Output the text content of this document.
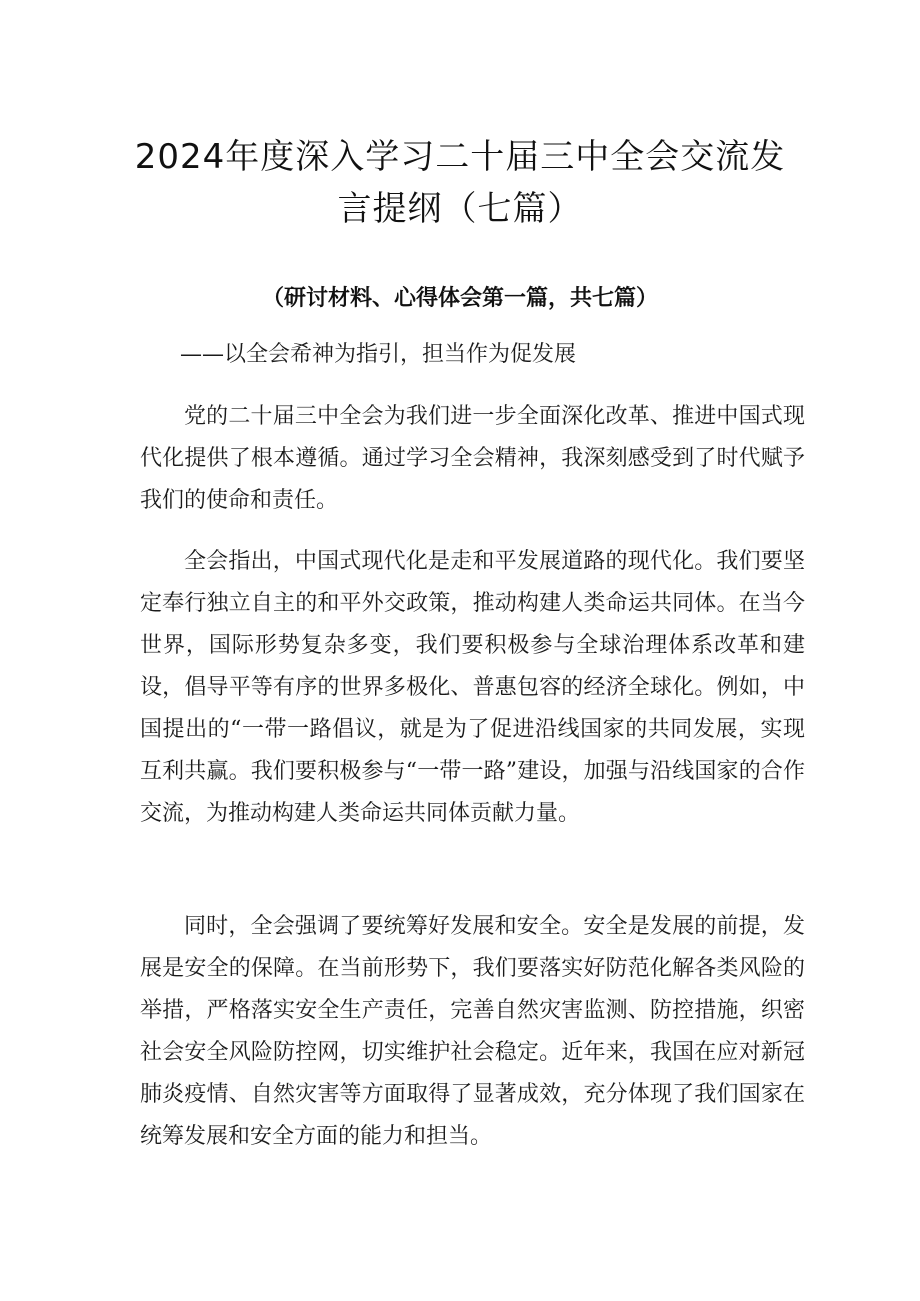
2024年度深入学习二十届三中全会交流发
言提纲（七篇）
（研讨材料、心得体会第一篇，共七篇）
——以全会希神为指引，担当作为促发展

党的二十届三中全会为我们进一步全面深化改革、推进中国式现代化提供了根本遵循。通过学习全会精神，我深刻感受到了时代赋予我们的使命和责任。

全会指出，中国式现代化是走和平发展道路的现代化。我们要坚定奉行独立自主的和平外交政策，推动构建人类命运共同体。在当今世界，国际形势复杂多变，我们要积极参与全球治理体系改革和建设，倡导平等有序的世界多极化、普惠包容的经济全球化。例如，中国提出的“一带一路倡议，就是为了促进沿线国家的共同发展，实现互利共赢。我们要积极参与“一带一路”建设，加强与沿线国家的合作交流，为推动构建人类命运共同体贡献力量。

同时，全会强调了要统筹好发展和安全。安全是发展的前提，发展是安全的保障。在当前形势下，我们要落实好防范化解各类风险的举措，严格落实安全生产责任，完善自然灾害监测、防控措施，织密社会安全风险防控网，切实维护社会稳定。近年来，我国在应对新冠肺炎疫情、自然灾害等方面取得了显著成效，充分体现了我们国家在统筹发展和安全方面的能力和担当。
